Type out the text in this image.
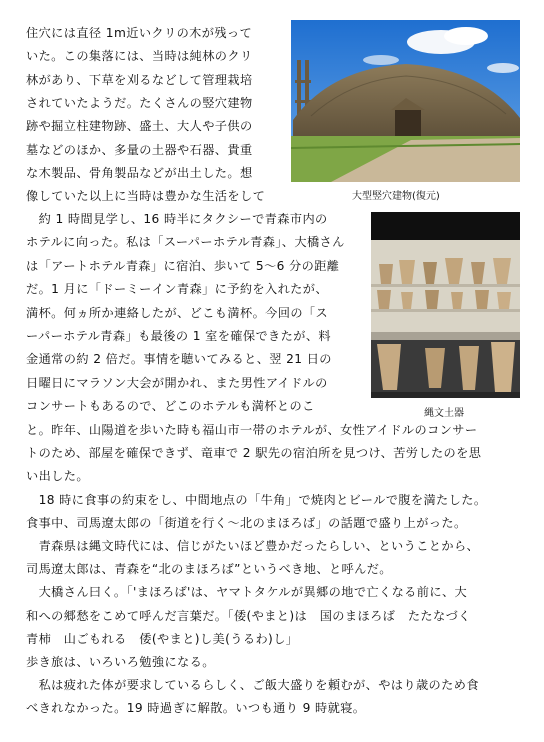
住穴には直径 1m近いクリの木が残って
いた。この集落には、当時は純林のクリ
林があり、下草を刈るなどして管理栽培
されていたようだ。たくさんの竪穴建物
跡や掘立柱建物跡、盛土、大人や子供の
墓などのほか、多量の土器や石器、貴重
な木製品、骨角製品などが出土した。想
像していた以上に当時は豊かな生活をして
　約 1 時間見学し、16 時半にタクシーで青森市内の
ホテルに向った。私は「スーパーホテル青森」、大橋さん
は「アートホテル青森」に宿泊、歩いて 5～6 分の距離
だ。1 月に「ドーミーイン青森」に予約を入れたが、
満杯。何ヵ所か連絡したが、どこも満杯。今回の「ス
ーパーホテル青森」も最後の 1 室を確保できたが、料
金通常の約 2 倍だ。事情を聴いてみると、翌 21 日の
日曜日にマラソン大会が開かれ、また男性アイドルの
コンサートもあるので、どこのホテルも満杯とのこ
と。昨年、山陽道を歩いた時も福山市一帯のホテルが、女性アイドルのコンサー
トのため、部屋を確保できず、竜車で 2 駅先の宿泊所を見つけ、苦労したのを思
い出した。
　18 時に食事の約束をし、中間地点の「牛角」で焼肉とビールで腹を満たした。
食事中、司馬遼太郎の「街道を行く～北のまほろば」の話題で盛り上がった。
　青森県は縄文時代には、信じがたいほど豊かだったらしい、ということから、
司馬遼太郎は、青森を“北のまほろば”というべき地、と呼んだ。
　大橋さん曰く。｢'まほろば'は、ヤマトタケルが異郷の地で亡くなる前に、大
和への郷愁をこめて呼んだ言葉だ。「倭(やまと)は　国のまほろば　たたなづく
青柿　山ごもれる　倭(やまと)し美(うるわ)し」
歩き旅は、いろいろ勉強になる。
　私は疲れた体が要求しているらしく、ご飯大盛りを頼むが、やはり歳のため食
べきれなかった。19 時過ぎに解散。いつも通り 9 時就寝。
大型竪穴建物(復元)
縄文土器
